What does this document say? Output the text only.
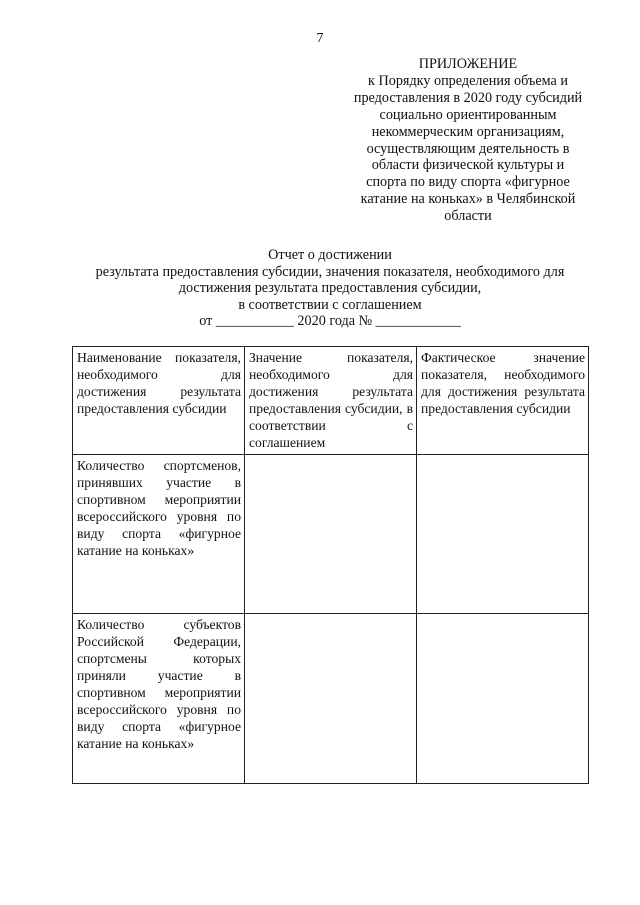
7
ПРИЛОЖЕНИЕ
к Порядку определения объема и
предоставления в 2020 году субсидий
социально ориентированным
некоммерческим организациям,
осуществляющим деятельность в
области физической культуры и
спорта по виду спорта «фигурное
катание на коньках» в Челябинской
области
Отчет о достижении
результата предоставления субсидии, значения показателя, необходимого для
достижения результата предоставления субсидии,
в соответствии с соглашением
от ___________ 2020 года № ____________
Наименование показателя, необходимого для достижения результата предоставления субсидии	Значение показателя, необходимого для достижения результата предоставления субсидии, в соответствии с соглашением	Фактическое значение показателя, необходимого для достижения результата предоставления субсидии
Количество спортсменов, принявших участие в спортивном мероприятии всероссийского уровня по виду спорта «фигурное катание на коньках»		
Количество субъектов Российской Федерации, спортсмены которых приняли участие в спортивном мероприятии всероссийского уровня по виду спорта «фигурное катание на коньках»		
